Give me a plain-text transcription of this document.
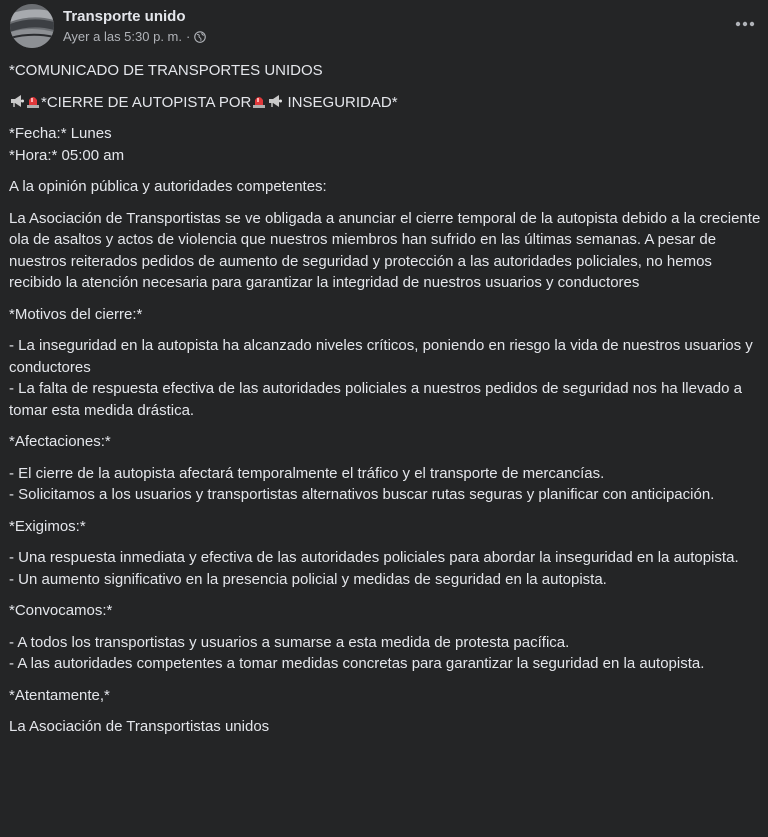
Transporte unido
Ayer a las 5:30 p. m. ·

*COMUNICADO DE TRANSPORTES UNIDOS

*CIERRE DE AUTOPISTA POR INSEGURIDAD*

*Fecha:* Lunes
*Hora:* 05:00 am

A la opinión pública y autoridades competentes:

La Asociación de Transportistas se ve obligada a anunciar el cierre temporal de la autopista debido a la creciente ola de asaltos y actos de violencia que nuestros miembros han sufrido en las últimas semanas. A pesar de nuestros reiterados pedidos de aumento de seguridad y protección a las autoridades policiales, no hemos recibido la atención necesaria para garantizar la integridad de nuestros usuarios y conductores

*Motivos del cierre:*

- La inseguridad en la autopista ha alcanzado niveles críticos, poniendo en riesgo la vida de nuestros usuarios y conductores
- La falta de respuesta efectiva de las autoridades policiales a nuestros pedidos de seguridad nos ha llevado a tomar esta medida drástica.

*Afectaciones:*

- El cierre de la autopista afectará temporalmente el tráfico y el transporte de mercancías.
- Solicitamos a los usuarios y transportistas alternativos buscar rutas seguras y planificar con anticipación.

*Exigimos:*

- Una respuesta inmediata y efectiva de las autoridades policiales para abordar la inseguridad en la autopista.
- Un aumento significativo en la presencia policial y medidas de seguridad en la autopista.

*Convocamos:*

- A todos los transportistas y usuarios a sumarse a esta medida de protesta pacífica.
- A las autoridades competentes a tomar medidas concretas para garantizar la seguridad en la autopista.

*Atentamente,*

La Asociación de Transportistas unidos
